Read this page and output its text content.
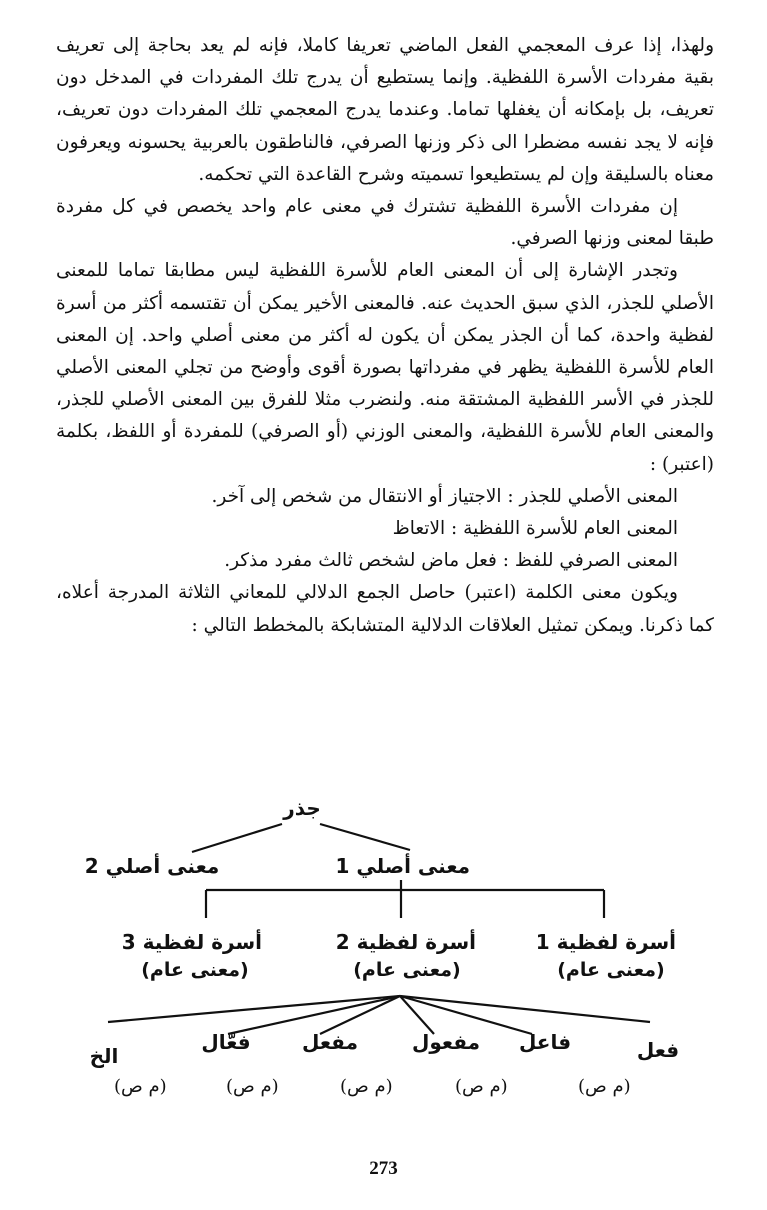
ولهذا، إذا عرف المعجمي الفعل الماضي تعريفا كاملا، فإنه لم يعد بحاجة إلى تعريف بقية مفردات الأسرة اللفظية. وإنما يستطيع أن يدرج تلك المفردات في المدخل دون تعريف، بل بإمكانه أن يغفلها تماما. وعندما يدرج المعجمي تلك المفردات دون تعريف، فإنه لا يجد نفسه مضطرا الى ذكر وزنها الصرفي، فالناطقون بالعربية يحسونه ويعرفون معناه بالسليقة وإن لم يستطيعوا تسميته وشرح القاعدة التي تحكمه.

إن مفردات الأسرة اللفظية تشترك في معنى عام واحد يخصص في كل مفردة طبقا لمعنى وزنها الصرفي.

وتجدر الإشارة إلى أن المعنى العام للأسرة اللفظية ليس مطابقا تماما للمعنى الأصلي للجذر، الذي سبق الحديث عنه. فالمعنى الأخير يمكن أن تقتسمه أكثر من أسرة لفظية واحدة، كما أن الجذر يمكن أن يكون له أكثر من معنى أصلي واحد. إن المعنى العام للأسرة اللفظية يظهر في مفرداتها بصورة أقوى وأوضح من تجلي المعنى الأصلي للجذر في الأسر اللفظية المشتقة منه. ولنضرب مثلا للفرق بين المعنى الأصلي للجذر، والمعنى العام للأسرة اللفظية، والمعنى الوزني (أو الصرفي) للمفردة أو اللفظ، بكلمة (اعتبر) :

المعنى الأصلي للجذر : الاجتياز أو الانتقال من شخص إلى آخر.

المعنى العام للأسرة اللفظية : الاتعاظ

المعنى الصرفي للفظ : فعل ماض لشخص ثالث مفرد مذكر.

ويكون معنى الكلمة (اعتبر) حاصل الجمع الدلالي للمعاني الثلاثة المدرجة أعلاه، كما ذكرنا. ويمكن تمثيل العلاقات الدلالية المتشابكة بالمخطط التالي :

جذر
معنى أصلي 1
معنى أصلي 2
أسرة لفظية 1
(معنى عام)
أسرة لفظية 2
(معنى عام)
أسرة لفظية 3
(معنى عام)
فعل
فاعل
مفعول
مفعل
فعّال
الخ
(م ص)
(م ص)
(م ص)
(م ص)
(م ص)
273
